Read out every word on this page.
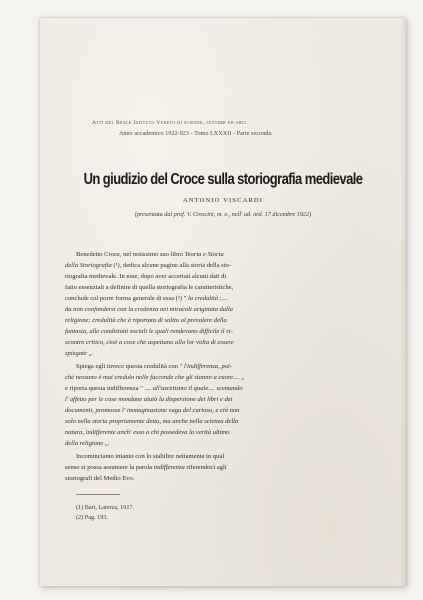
Atti del Reale Istituto Veneto di scienze, lettere ed arti.

Anno accademico 1922-923 - Tomo LXXXII - Parte seconda.

Un giudizio del Croce sulla storiografia medievale

ANTONIO VISCARDI

(presentata dal prof. V. Crescini, m. e., nell' ad. ord. 17 dicembre 1922)

Benedetto Croce, nel notissimo suo libro Teoria e Storia

della Storiografia (¹), dedica alcune pagine alla storia della sto-

riografia medievale. In esse, dopo aver accertati alcuni dati di

fatto essenziali a definire di quella storiografia le caratteristiche,

conclude col porre forma generale di essa (²) " la credulità ;....

da non confondersi con la credenza nei miracoli originata dalla

religione; credulità che è riportata di solito al prevalere della

fantasia, alle condizioni sociali le quali rendevano difficile il ri-

scontro critico, cioè a cose che aspettano alla lor volta di essere

spiegate „.

Spiega egli invece questa credulità con " l'indifferenza, poi-

ché nessuno è mai credulo nelle faccende che gli stanno a cuore.... „

e riporta questa indifferenza " .... all'ascetismo il quale.... scemando

l' affetto per le cose mondane aiutò la dispersione dei libri e dei

documenti, promosse l' immaginazione vaga del curioso, e ciò non

solo nella storia propriamente detta, ma anche nella scienza della

natura, indifferente anch' esso a chi possedeva la verità ultimo

della religione „.

Incominciamo intanto con lo stabilire nettamente in qual

senso si possa assumere la parola indifferenza riferendoci agli

storiografi del Medio Evo.

(1) Bari, Laterza, 1917.

(2) Pag. 193.
